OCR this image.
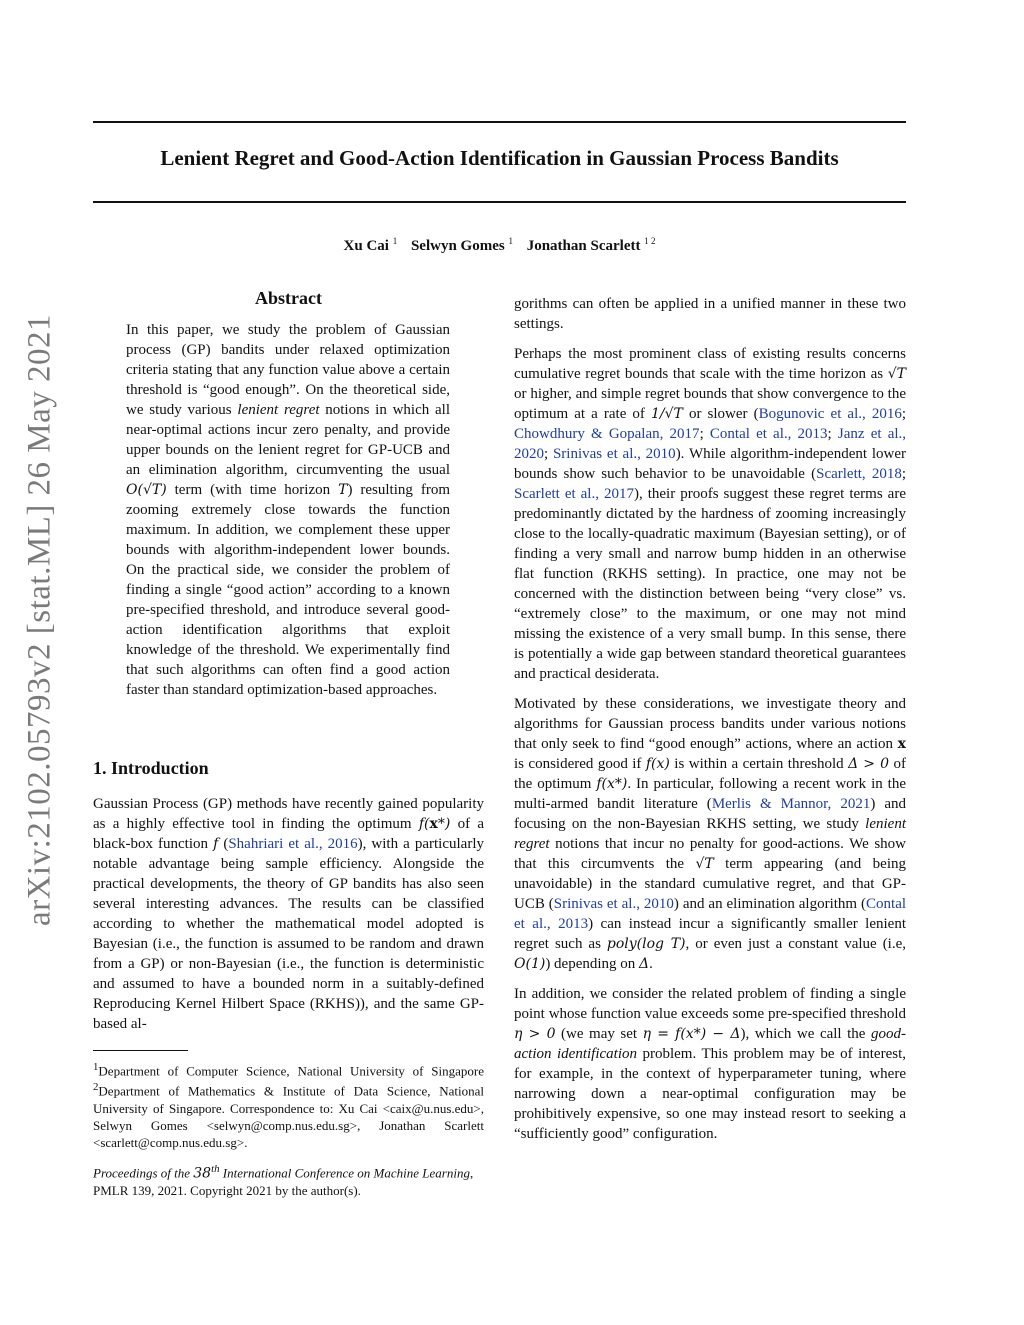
Lenient Regret and Good-Action Identification in Gaussian Process Bandits
Xu Cai $^1$ Selwyn Gomes $^1$ Jonathan Scarlett $^{1 2}$
arXiv:2102.05793v2 [stat.ML] 26 May 2021
Abstract

In this paper, we study the problem of Gaussian process (GP) bandits under relaxed optimization criteria stating that any function value above a certain threshold is “good enough”. On the theoretical side, we study various lenient regret notions in which all near-optimal actions incur zero penalty, and provide upper bounds on the lenient regret for GP-UCB and an elimination algorithm, circumventing the usual O(√T) term (with time horizon T) resulting from zooming extremely close towards the function maximum. In addition, we complement these upper bounds with algorithm-independent lower bounds. On the practical side, we consider the problem of finding a single “good action” according to a known pre-specified threshold, and introduce several good-action identification algorithms that exploit knowledge of the threshold. We experimentally find that such algorithms can often find a good action faster than standard optimization-based approaches.

1. Introduction

Gaussian Process (GP) methods have recently gained popularity as a highly effective tool in finding the optimum f(x*) of a black-box function f (Shahriari et al., 2016), with a particularly notable advantage being sample efficiency. Alongside the practical developments, the theory of GP bandits has also seen several interesting advances. The results can be classified according to whether the mathematical model adopted is Bayesian (i.e., the function is assumed to be random and drawn from a GP) or non-Bayesian (i.e., the function is deterministic and assumed to have a bounded norm in a suitably-defined Reproducing Kernel Hilbert Space (RKHS)), and the same GP-based al-

$^1$Department of Computer Science, National University of Singapore $^2$Department of Mathematics & Institute of Data Science, National University of Singapore. Correspondence to: Xu Cai <caix@u.nus.edu>, Selwyn Gomes <selwyn@comp.nus.edu.sg>, Jonathan Scarlett <scarlett@comp.nus.edu.sg>.

Proceedings of the 38th International Conference on Machine Learning, PMLR 139, 2021. Copyright 2021 by the author(s).

gorithms can often be applied in a unified manner in these two settings.

Perhaps the most prominent class of existing results concerns cumulative regret bounds that scale with the time horizon as √T or higher, and simple regret bounds that show convergence to the optimum at a rate of 1/√T or slower (Bogunovic et al., 2016; Chowdhury & Gopalan, 2017; Contal et al., 2013; Janz et al., 2020; Srinivas et al., 2010). While algorithm-independent lower bounds show such behavior to be unavoidable (Scarlett, 2018; Scarlett et al., 2017), their proofs suggest these regret terms are predominantly dictated by the hardness of zooming increasingly close to the locally-quadratic maximum (Bayesian setting), or of finding a very small and narrow bump hidden in an otherwise flat function (RKHS setting). In practice, one may not be concerned with the distinction between being “very close” vs. “extremely close” to the maximum, or one may not mind missing the existence of a very small bump. In this sense, there is potentially a wide gap between standard theoretical guarantees and practical desiderata.

Motivated by these considerations, we investigate theory and algorithms for Gaussian process bandits under various notions that only seek to find “good enough” actions, where an action x is considered good if f(x) is within a certain threshold Δ > 0 of the optimum f(x*). In particular, following a recent work in the multi-armed bandit literature (Merlis & Mannor, 2021) and focusing on the non-Bayesian RKHS setting, we study lenient regret notions that incur no penalty for good-actions. We show that this circumvents the √T term appearing (and being unavoidable) in the standard cumulative regret, and that GP-UCB (Srinivas et al., 2010) and an elimination algorithm (Contal et al., 2013) can instead incur a significantly smaller lenient regret such as poly(log T), or even just a constant value (i.e, O(1)) depending on Δ.

In addition, we consider the related problem of finding a single point whose function value exceeds some pre-specified threshold η > 0 (we may set η = f(x*) − Δ), which we call the good-action identification problem. This problem may be of interest, for example, in the context of hyperparameter tuning, where narrowing down a near-optimal configuration may be prohibitively expensive, so one may instead resort to seeking a “sufficiently good” configuration.
